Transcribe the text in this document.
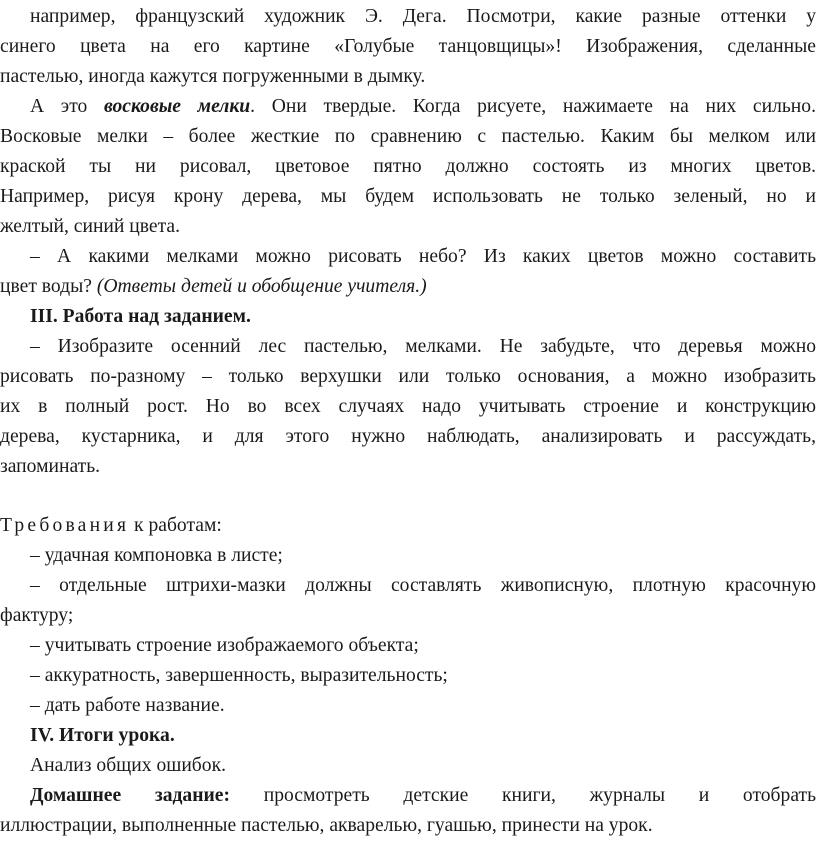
например, французский художник Э. Дега. Посмотри, какие разные оттенки у
синего цвета на его картине «Голубые танцовщицы»! Изображения, сделанные
пастелью, иногда кажутся погруженными в дымку.
А это восковые мелки. Они твердые. Когда рисуете, нажимаете на них сильно.
Восковые мелки – более жесткие по сравнению с пастелью. Каким бы мелком или
краской ты ни рисовал, цветовое пятно должно состоять из многих цветов.
Например, рисуя крону дерева, мы будем использовать не только зеленый, но и
желтый, синий цвета.
– А какими мелками можно рисовать небо? Из каких цветов можно составить
цвет воды? (Ответы детей и обобщение учителя.)
III. Работа над заданием.
– Изобразите осенний лес пастелью, мелками. Не забудьте, что деревья можно
рисовать по-разному – только верхушки или только основания, а можно изобразить
их в полный рост. Но во всех случаях надо учитывать строение и конструкцию
дерева, кустарника, и для этого нужно наблюдать, анализировать и рассуждать,
запоминать.
Требования к работам:
– удачная компоновка в листе;
– отдельные штрихи-мазки должны составлять живописную, плотную красочную
фактуру;
– учитывать строение изображаемого объекта;
– аккуратность, завершенность, выразительность;
– дать работе название.
IV. Итоги урока.
Анализ общих ошибок.
Домашнее задание: просмотреть детские книги, журналы и отобрать
иллюстрации, выполненные пастелью, акварелью, гуашью, принести на урок.
